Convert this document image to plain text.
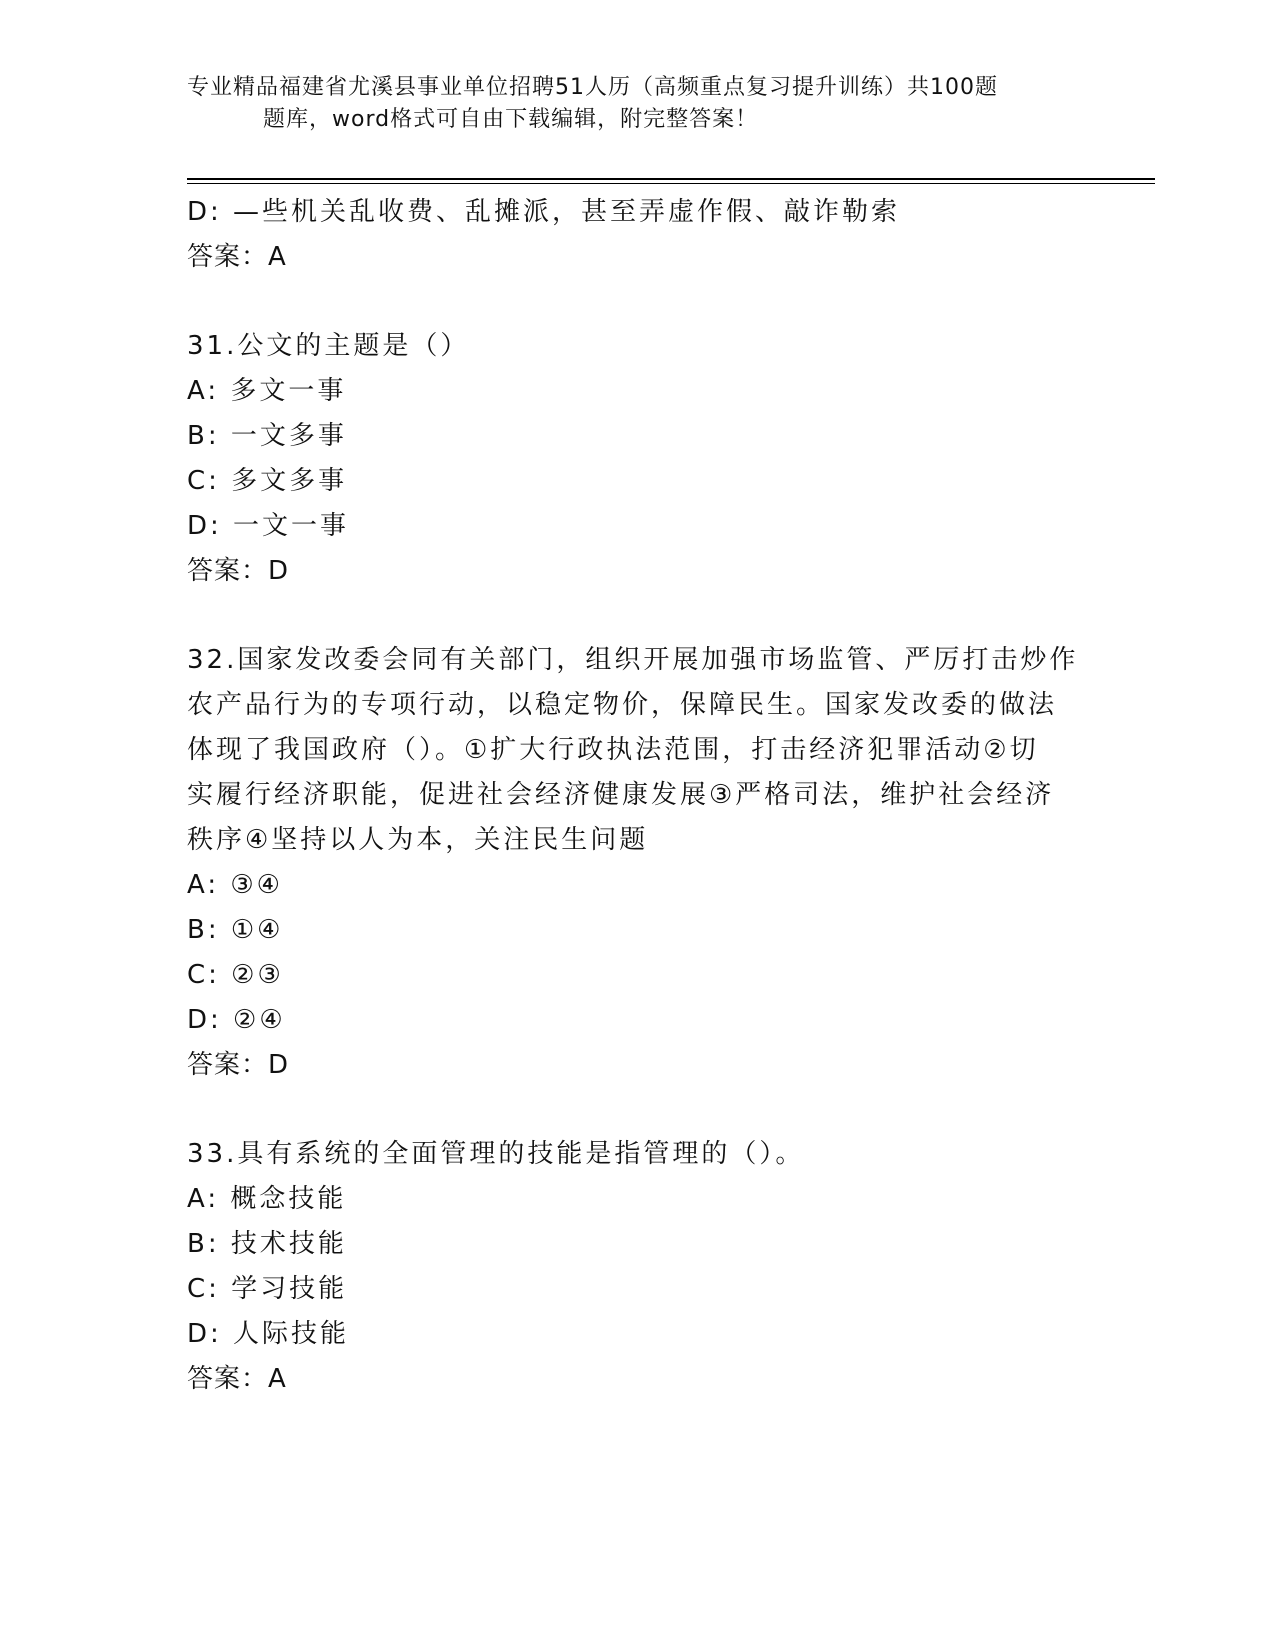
专业精品福建省尤溪县事业单位招聘51人历（高频重点复习提升训练）共100题
题库，word格式可自由下载编辑，附完整答案！
D: —些机关乱收费、乱摊派，甚至弄虚作假、敲诈勒索
答案：A
31.公文的主题是（）
A: 多文一事
B: 一文多事
C: 多文多事
D: 一文一事
答案：D
32.国家发改委会同有关部门，组织开展加强市场监管、严厉打击炒作
农产品行为的专项行动，以稳定物价，保障民生。国家发改委的做法
体现了我国政府（）。①扩大行政执法范围，打击经济犯罪活动②切
实履行经济职能，促进社会经济健康发展③严格司法，维护社会经济
秩序④坚持以人为本，关注民生问题
A: ③④
B: ①④
C: ②③
D: ②④
答案：D
33.具有系统的全面管理的技能是指管理的（）。
A: 概念技能
B: 技术技能
C: 学习技能
D: 人际技能
答案：A
